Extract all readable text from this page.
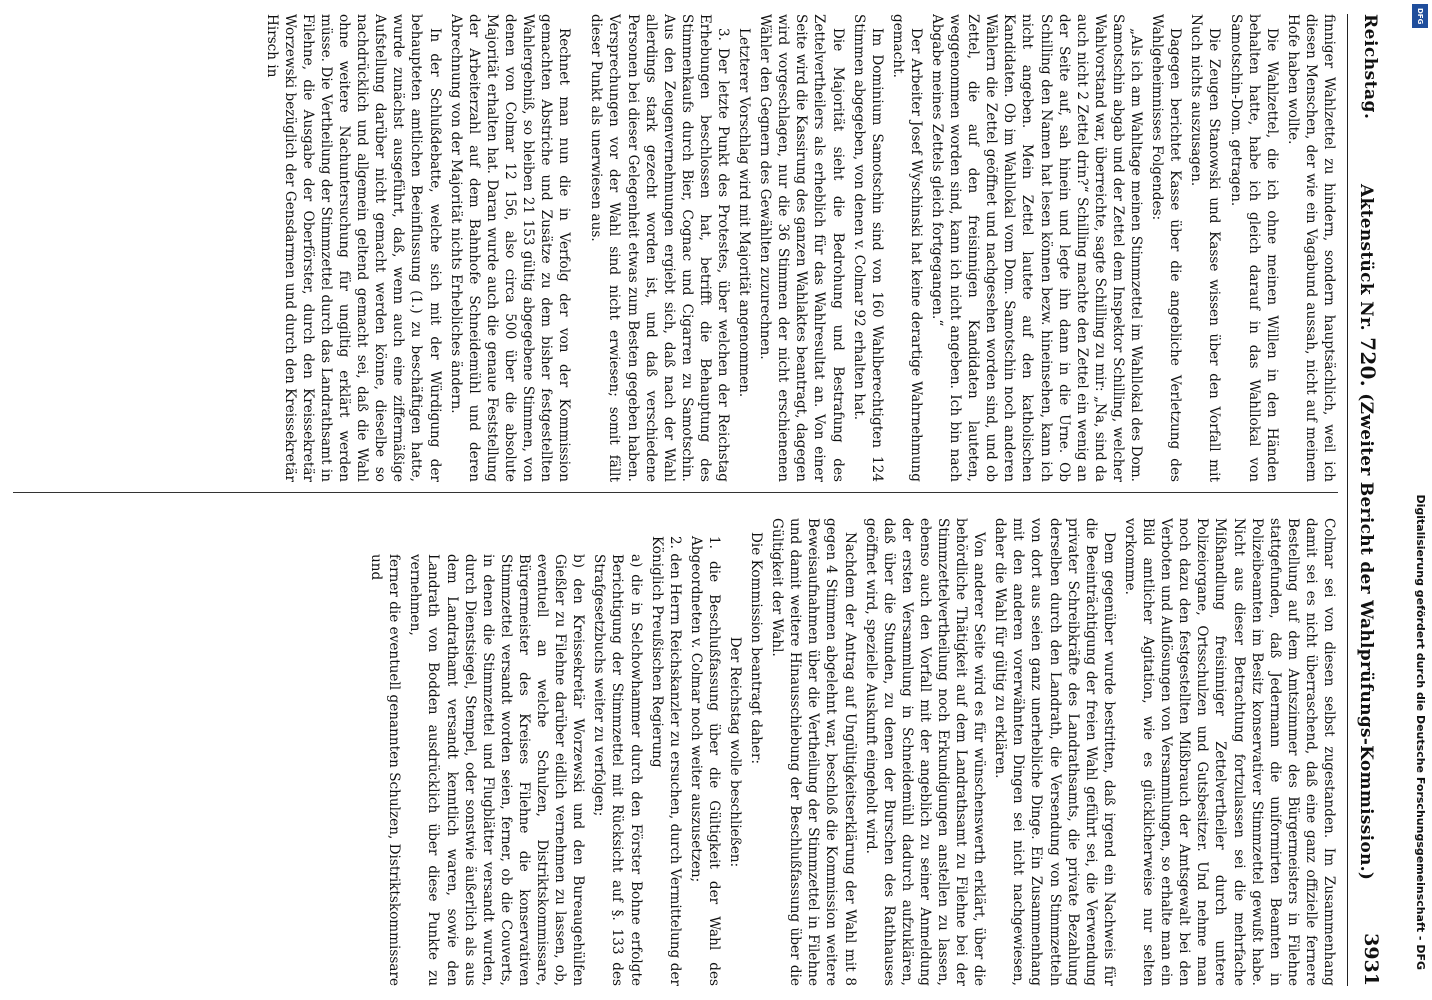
Reichstag.
Aktenstück Nr. 720. (Zweiter Bericht der Wahlprüfungs-Kommission.)
3931

finniger Wahlzettel zu hindern, sondern hauptsächlich, weil ich diesen Menschen, der wie ein Vagabund aussah, nicht auf meinem Hofe haben wollte.

Die Wahlzettel, die ich ohne meinen Willen in den Händen behalten hatte, habe ich gleich darauf in das Wahllokal von Samotschin-Dom. getragen.

Die Zeugen Stanowski und Kasse wissen über den Vorfall mit Nuch nichts auszusagen.

Dagegen berichtet Kasse über die angebliche Verletzung des Wahlgeheimnisses Folgendes:

„Als ich am Wahltage meinen Stimmzettel im Wahllokal des Dom. Samotschin abgab und der Zettel dem Inspektor Schilling, welcher Wahlvorstand war, überreichte, sagte Schilling zu mir: „Na, sind da auch nicht 2 Zettel drin?“ Schilling machte den Zettel ein wenig an der Seite auf, sah hinein und legte ihn dann in die Urne. Ob Schilling den Namen hat lesen können bezw. hineinsehen, kann ich nicht angeben. Mein Zettel lautete auf den katholischen Kandidaten. Ob im Wahllokal vom Dom. Samotschin noch anderen Wählern die Zettel geöffnet und nachgesehen worden sind, und ob Zettel, die auf den freisinnigen Kandidaten lauteten, weggenommen worden sind, kann ich nicht angeben. Ich bin nach Abgabe meines Zettels gleich fortgegangen.“

Der Arbeiter Josef Wyschinski hat keine derartige Wahrnehmung gemacht.

Im Dominium Samotschin sind von 160 Wahlberechtigten 124 Stimmen abgegeben, von denen v. Colmar 92 erhalten hat.

Die Majorität sieht die Bedrohung und Bestrafung des Zettelvertheilers als erheblich für das Wahlresultat an. Von einer Seite wird die Kassirung des ganzen Wahlaktes beantragt, dagegen wird vorgeschlagen, nur die 36 Stimmen der nicht erschienenen Wähler den Gegnern des Gewählten zuzurechnen.

Letzterer Vorschlag wird mit Majorität angenommen.

3. Der letzte Punkt des Protestes, über welchen der Reichstag Erhebungen beschlossen hat, betrifft die Behauptung des Stimmenkaufs durch Bier, Cognac und Cigarren zu Samotschin. Aus den Zeugenvernehmungen ergiebt sich, daß nach der Wahl allerdings stark gezecht worden ist, und daß verschiedene Personen bei dieser Gelegenheit etwas zum Besten gegeben haben. Versprechungen vor der Wahl sind nicht erwiesen; somit fällt dieser Punkt als unerwiesen aus.

Rechnet man nun die in Verfolg der von der Kommission gemachten Abstriche und Zusätze zu dem bisher festgestellten Wahlergebniß, so bleiben 21 153 gültig abgegebene Stimmen, von denen von Colmar 12 156, also circa 500 über die absolute Majorität erhalten hat. Daran wurde auch die genaue Feststellung der Arbeiterzahl auf dem Bahnhofe Schneidemühl und deren Abrechnung von der Majorität nichts Erhebliches ändern.

In der Schlußdebatte, welche sich mit der Würdigung der behaupteten amtlichen Beeinflussung (1.) zu beschäftigen hatte, wurde zunächst ausgeführt, daß, wenn auch eine ziffermäßige Aufstellung darüber nicht gemacht werden könne, dieselbe so nachdrücklich und allgemein geltend gemacht sei, daß die Wahl ohne weitere Nachuntersuchung für ungiltig erklärt werden müsse. Die Vertheilung der Stimmzettel durch das Landrathsamt in Filehne, die Ausgabe der Oberförster, durch den Kreissekretär Worzewski bezüglich der Gensdarmen und durch den Kreissekretär Hirsch in

Colmar sei von diesen selbst zugestanden. Im Zusammenhang damit sei es nicht überraschend, daß eine ganz offizielle fernere Bestellung auf dem Amtszimmer des Bürgermeisters in Filehne stattgefunden, daß Jedermann die uniformirten Beamten in Polizeibeamten im Besitz konservativer Stimmzettel gewußt habe. Nicht aus dieser Betrachtung fortzulassen sei die mehrfache Mißhandlung freisinniger Zettelvertheiler durch untere Polizeiorgane, Ortsschulzen und Gutsbesitzer. Und nehme man noch dazu den festgestellten Mißbrauch der Amtsgewalt bei den Verboten und Auflösungen von Versammlungen, so erhalte man ein Bild amtlicher Agitation, wie es glücklicherweise nur selten vorkomme.

Dem gegenüber wurde bestritten, daß irgend ein Nachweis für die Beeinträchtigung der freien Wahl geführt sei, die Verwendung privater Schreibkräfte des Landrathsamts, die private Bezahlung derselben durch den Landrath, die Versendung von Stimmzetteln von dort aus seien ganz unerhebliche Dinge. Ein Zusammenhang mit den anderen vorerwähnten Dingen sei nicht nachgewiesen, daher die Wahl für gültig zu erklären.

Von anderer Seite wird es für wünschenswerth erklärt, über die behördliche Thätigkeit auf dem Landrathsamt zu Filehne bei der Stimmzettelvertheilung noch Erkundigungen anstellen zu lassen, ebenso auch den Vorfall mit der angeblich zu seiner Anmeldung der ersten Versammlung in Schneidemühl dadurch aufzuklären, daß über die Stunden, zu denen der Burschen des Rathhauses geöffnet wird, spezielle Auskunft eingeholt wird.

Nachdem der Antrag auf Ungültigkeitserklärung der Wahl mit 8 gegen 4 Stimmen abgelehnt war, beschloß die Kommission weitere Beweisaufnahmen über die Vertheilung der Stimmzettel in Filehne und damit weitere Hinausschiebung der Beschlußfassung über die Gültigkeit der Wahl.

Die Kommission beantragt daher:

Der Reichstag wolle beschließen:

1. die Beschlußfassung über die Gültigkeit der Wahl des Abgeordneten v. Colmar noch weiter auszusetzen;

2. den Herrn Reichskanzler zu ersuchen, durch Vermittelung der Königlich Preußischen Regierung

a) die in Selchowhammer durch den Förster Bohne erfolgte Berichtigung der Stimmzettel mit Rücksicht auf §. 133 des Strafgesetzbuchs weiter zu verfolgen;

b) den Kreissekretär Worzewski und den Bureaugehülfen Gießler zu Filehne darüber eidlich vernehmen zu lassen, ob, eventuell an welche Schulzen, Distriktskommissare, Bürgermeister des Kreises Filehne die konservativen Stimmzettel versandt worden seien, ferner, ob die Couverts, in denen die Stimmzettel und Flugblätter versandt wurden, durch Dienstsiegel, Stempel, oder sonstwie äußerlich als aus dem Landrathamt versandt kenntlich waren, sowie den Landrath von Bodden ausdrücklich über diese Punkte zu vernehmen,

ferner die eventuell genannten Schulzen, Distriktskommissare und	Digitalisierung gefördert durch die Deutsche Forschungsgemeinschaft - DFG
DFG
